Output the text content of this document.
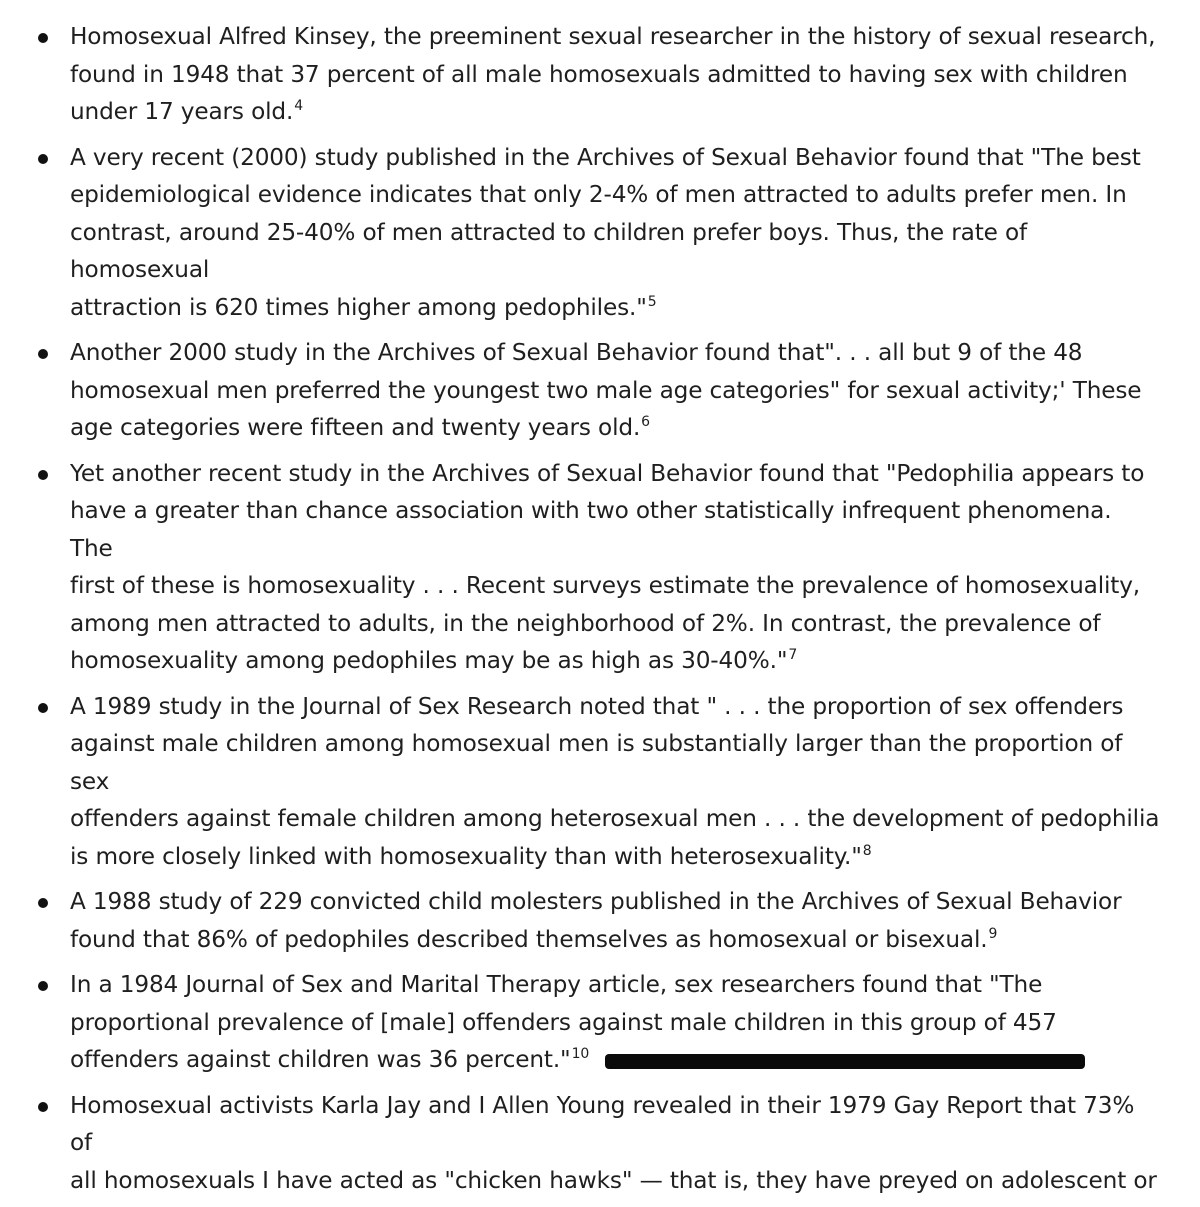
Homosexual Alfred Kinsey, the preeminent sexual researcher in the history of sexual research,
found in 1948 that 37 percent of all male homosexuals admitted to having sex with children
under 17 years old.$^4$
A very recent (2000) study published in the Archives of Sexual Behavior found that "The best
epidemiological evidence indicates that only 2-4% of men attracted to adults prefer men. In
contrast, around 25-40% of men attracted to children prefer boys. Thus, the rate of homosexual
attraction is 620 times higher among pedophiles."$^5$
Another 2000 study in the Archives of Sexual Behavior found that". . . all but 9 of the 48
homosexual men preferred the youngest two male age categories" for sexual activity;' These
age categories were fifteen and twenty years old.$^6$
Yet another recent study in the Archives of Sexual Behavior found that "Pedophilia appears to
have a greater than chance association with two other statistically infrequent phenomena. The
first of these is homosexuality . . . Recent surveys estimate the prevalence of homosexuality,
among men attracted to adults, in the neighborhood of 2%. In contrast, the prevalence of
homosexuality among pedophiles may be as high as 30-40%."$^7$
A 1989 study in the Journal of Sex Research noted that " . . . the proportion of sex offenders
against male children among homosexual men is substantially larger than the proportion of sex
offenders against female children among heterosexual men . . . the development of pedophilia
is more closely linked with homosexuality than with heterosexuality."$^8$
A 1988 study of 229 convicted child molesters published in the Archives of Sexual Behavior
found that 86% of pedophiles described themselves as homosexual or bisexual.$^9$
In a 1984 Journal of Sex and Marital Therapy article, sex researchers found that "The
proportional prevalence of [male] offenders against male children in this group of 457
offenders against children was 36 percent."$^{10}$
Homosexual activists Karla Jay and I Allen Young revealed in their 1979 Gay Report that 73% of
all homosexuals I have acted as "chicken hawks" — that is, they have preyed on adolescent or
